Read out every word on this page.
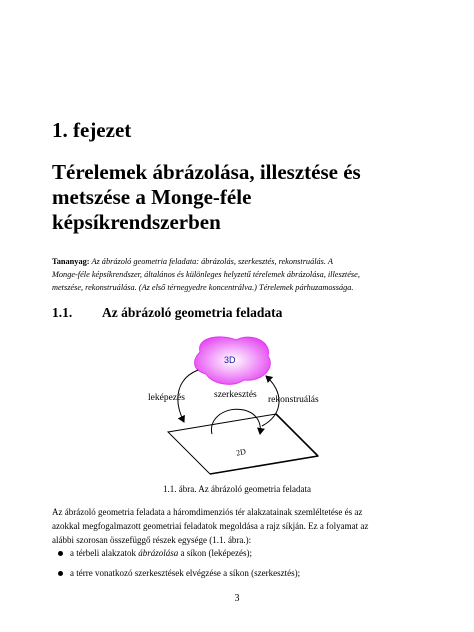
1. fejezet
Térelemek ábrázolása, illesztése és
metszése a Monge-féle
képsíkrendszerben
Tananyag: Az ábrázoló geometria feladata: ábrázolás, szerkesztés, rekonstruálás. A
Monge-féle képsíkrendszer, általános és különleges helyzetű térelemek ábrázolása, illesztése,
metszése, rekonstruálása. (Az első térnegyedre koncentrálva.) Térelemek párhuzamossága.
1.1. Az ábrázoló geometria feladata
2D
3D
leképezés	szerkesztés rekonstruálás
1.1. ábra. Az ábrázoló geometria feladata
Az ábrázoló geometria feladata a háromdimenziós tér alakzatainak szemléltetése és az
azokkal megfogalmazott geometriai feladatok megoldása a rajz síkján. Ez a folyamat az
alábbi szorosan összefüggő részek egysége (1.1. ábra.):
a térbeli alakzatok ábrázolása a síkon (leképezés);
a térre vonatkozó szerkesztések elvégzése a síkon (szerkesztés);
3
